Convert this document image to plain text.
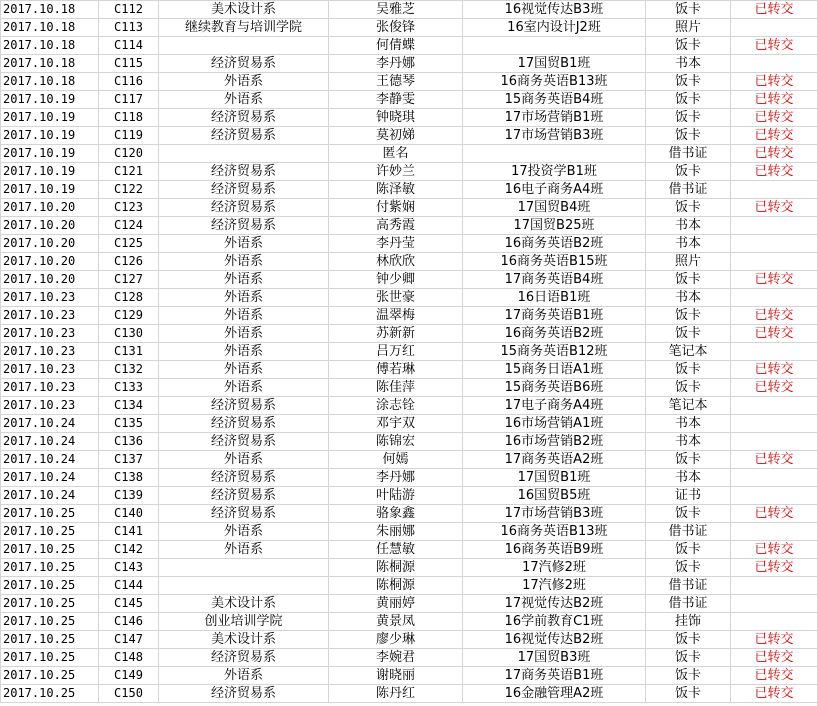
2017.10.18	C112	美术设计系	吴雅芝	16视觉传达B3班	饭卡	已转交
2017.10.18	C113	继续教育与培训学院	张俊锋	16室内设计J2班	照片	
2017.10.18	C114		何倩蝶		饭卡	已转交
2017.10.18	C115	经济贸易系	李丹娜	17国贸B1班	书本	
2017.10.18	C116	外语系	王德琴	16商务英语B13班	饭卡	已转交
2017.10.19	C117	外语系	李静雯	15商务英语B4班	饭卡	已转交
2017.10.19	C118	经济贸易系	钟晓琪	17市场营销B1班	饭卡	已转交
2017.10.19	C119	经济贸易系	莫初娣	17市场营销B3班	饭卡	已转交
2017.10.19	C120		匿名		借书证	已转交
2017.10.19	C121	经济贸易系	许妙兰	17投资学B1班	饭卡	已转交
2017.10.19	C122	经济贸易系	陈泽敏	16电子商务A4班	借书证	
2017.10.20	C123	经济贸易系	付紫娴	17国贸B4班	饭卡	已转交
2017.10.20	C124	经济贸易系	高秀霞	17国贸B25班	书本	
2017.10.20	C125	外语系	李丹莹	16商务英语B2班	书本	
2017.10.20	C126	外语系	林欣欣	16商务英语B15班	照片	
2017.10.20	C127	外语系	钟少卿	17商务英语B4班	饭卡	已转交
2017.10.23	C128	外语系	张世豪	16日语B1班	书本	
2017.10.23	C129	外语系	温翠梅	17商务英语B1班	饭卡	已转交
2017.10.23	C130	外语系	苏新新	16商务英语B2班	饭卡	已转交
2017.10.23	C131	外语系	吕万红	15商务英语B12班	笔记本	
2017.10.23	C132	外语系	傅若琳	15商务日语A1班	饭卡	已转交
2017.10.23	C133	外语系	陈佳萍	15商务英语B6班	饭卡	已转交
2017.10.23	C134	经济贸易系	涂志铨	17电子商务A4班	笔记本	
2017.10.24	C135	经济贸易系	邓宇双	16市场营销A1班	书本	
2017.10.24	C136	经济贸易系	陈锦宏	16市场营销B2班	书本	
2017.10.24	C137	外语系	何嫣	17商务英语A2班	饭卡	已转交
2017.10.24	C138	经济贸易系	李丹娜	17国贸B1班	书本	
2017.10.24	C139	经济贸易系	叶陆游	16国贸B5班	证书	
2017.10.25	C140	经济贸易系	骆象鑫	17市场营销B3班	饭卡	已转交
2017.10.25	C141	外语系	朱丽娜	16商务英语B13班	借书证	
2017.10.25	C142	外语系	任慧敏	16商务英语B9班	饭卡	已转交
2017.10.25	C143		陈桐源	17汽修2班	饭卡	已转交
2017.10.25	C144		陈桐源	17汽修2班	借书证	
2017.10.25	C145	美术设计系	黄丽婷	17视觉传达B2班	借书证	
2017.10.25	C146	创业培训学院	黄景凤	16学前教育C1班	挂饰	
2017.10.25	C147	美术设计系	廖少琳	16视觉传达B2班	饭卡	已转交
2017.10.25	C148	经济贸易系	李婉君	17国贸B3班	饭卡	已转交
2017.10.25	C149	外语系	谢晓丽	17商务英语B1班	饭卡	已转交
2017.10.25	C150	经济贸易系	陈丹红	16金融管理A2班	饭卡	已转交
